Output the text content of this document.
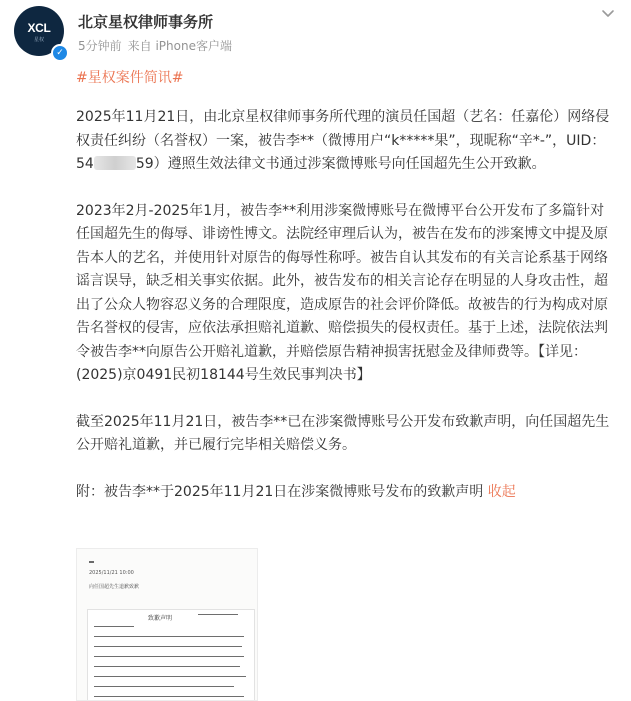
XCL
星权
✓
北京星权律师事务所
5分钟前 来自 iPhone客户端
#星权案件简讯#

2025年11月21日，由北京星权律师事务所代理的演员任国超（艺名：任嘉伦）网络侵权责任纠纷（名誉权）一案，被告李**（微博用户“k*****果”，现昵称“辛*-”，UID：54	59）遵照生效法律文书通过涉案微博账号向任国超先生公开致歉。

2023年2月-2025年1月，被告李**利用涉案微博账号在微博平台公开发布了多篇针对任国超先生的侮辱、诽谤性博文。法院经审理后认为，被告在发布的涉案博文中提及原告本人的艺名，并使用针对原告的侮辱性称呼。被告自认其发布的有关言论系基于网络谣言误导，缺乏相关事实依据。此外，被告发布的相关言论存在明显的人身攻击性，超出了公众人物容忍义务的合理限度，造成原告的社会评价降低。故被告的行为构成对原告名誉权的侵害，应依法承担赔礼道歉、赔偿损失的侵权责任。基于上述，法院依法判令被告李**向原告公开赔礼道歉，并赔偿原告精神损害抚慰金及律师费等。【详见：(2025)京0491民初18144号生效民事判决书】

截至2025年11月21日，被告李**已在涉案微博账号公开发布致歉声明，向任国超先生公开赔礼道歉，并已履行完毕相关赔偿义务。

附：被告李**于2025年11月21日在涉案微博账号发布的致歉声明 收起

2025/11/21 10:00
向任国超先生道歉致歉
致歉声明
